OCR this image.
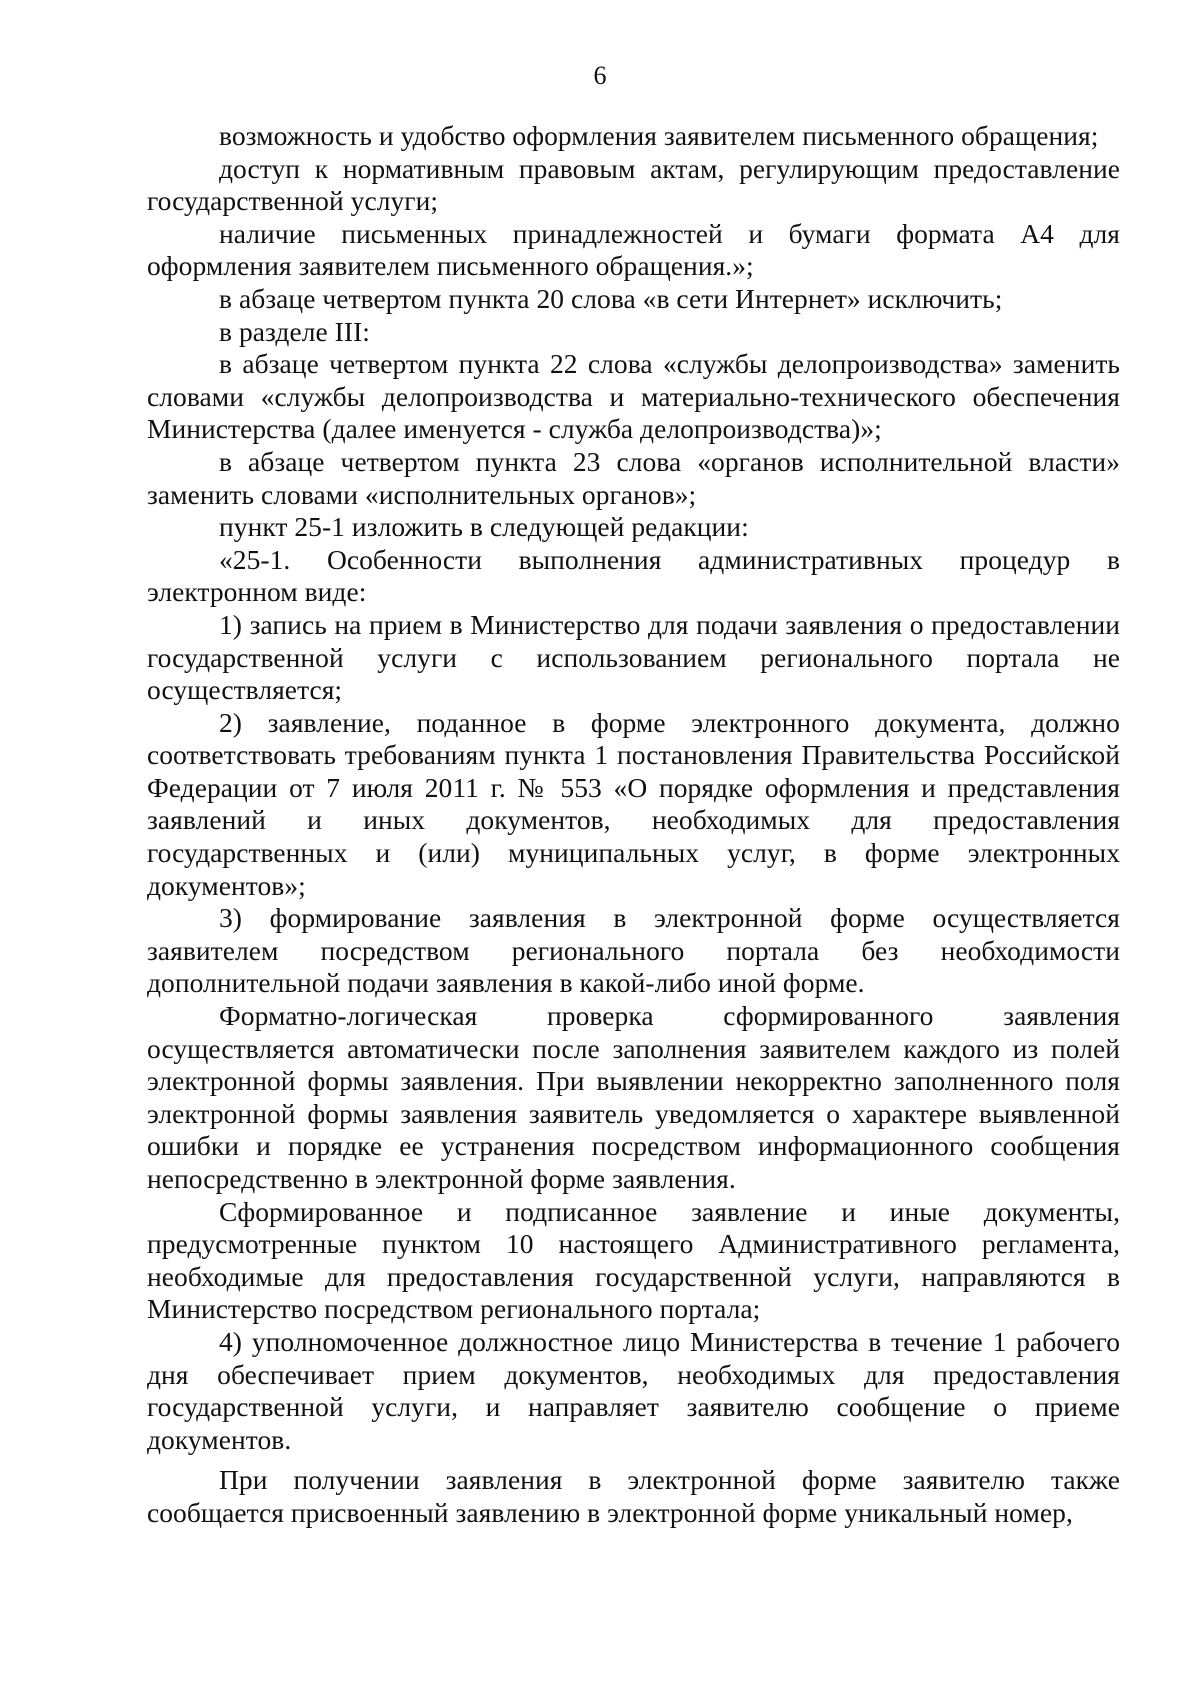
6

возможность и удобство оформления заявителем письменного обращения;

доступ к нормативным правовым актам, регулирующим предоставление государственной услуги;

наличие письменных принадлежностей и бумаги формата А4 для оформления заявителем письменного обращения.»;

в абзаце четвертом пункта 20 слова «в сети Интернет» исключить;

в разделе III:

в абзаце четвертом пункта 22 слова «службы делопроизводства» заменить словами «службы делопроизводства и материально-технического обеспечения Министерства (далее именуется - служба делопроизводства)»;

в абзаце четвертом пункта 23 слова «органов исполнительной власти» заменить словами «исполнительных органов»;

пункт 25-1 изложить в следующей редакции:

«25-1. Особенности выполнения административных процедур в электронном виде:

1) запись на прием в Министерство для подачи заявления о предоставлении государственной услуги с использованием регионального портала не осуществляется;

2) заявление, поданное в форме электронного документа, должно соответствовать требованиям пункта 1 постановления Правительства Российской Федерации от 7 июля 2011 г. № 553 «О порядке оформления и представления заявлений и иных документов, необходимых для предоставления государственных и (или) муниципальных услуг, в форме электронных документов»;

3) формирование заявления в электронной форме осуществляется заявителем посредством регионального портала без необходимости дополнительной подачи заявления в какой-либо иной форме.

Форматно-логическая проверка сформированного заявления осуществляется автоматически после заполнения заявителем каждого из полей электронной формы заявления. При выявлении некорректно заполненного поля электронной формы заявления заявитель уведомляется о характере выявленной ошибки и порядке ее устранения посредством информационного сообщения непосредственно в электронной форме заявления.

Сформированное и подписанное заявление и иные документы, предусмотренные пунктом 10 настоящего Административного регламента, необходимые для предоставления государственной услуги, направляются в Министерство посредством регионального портала;

4) уполномоченное должностное лицо Министерства в течение 1 рабочего дня обеспечивает прием документов, необходимых для предоставления государственной услуги, и направляет заявителю сообщение о приеме документов.

При получении заявления в электронной форме заявителю также сообщается присвоенный заявлению в электронной форме уникальный номер,
